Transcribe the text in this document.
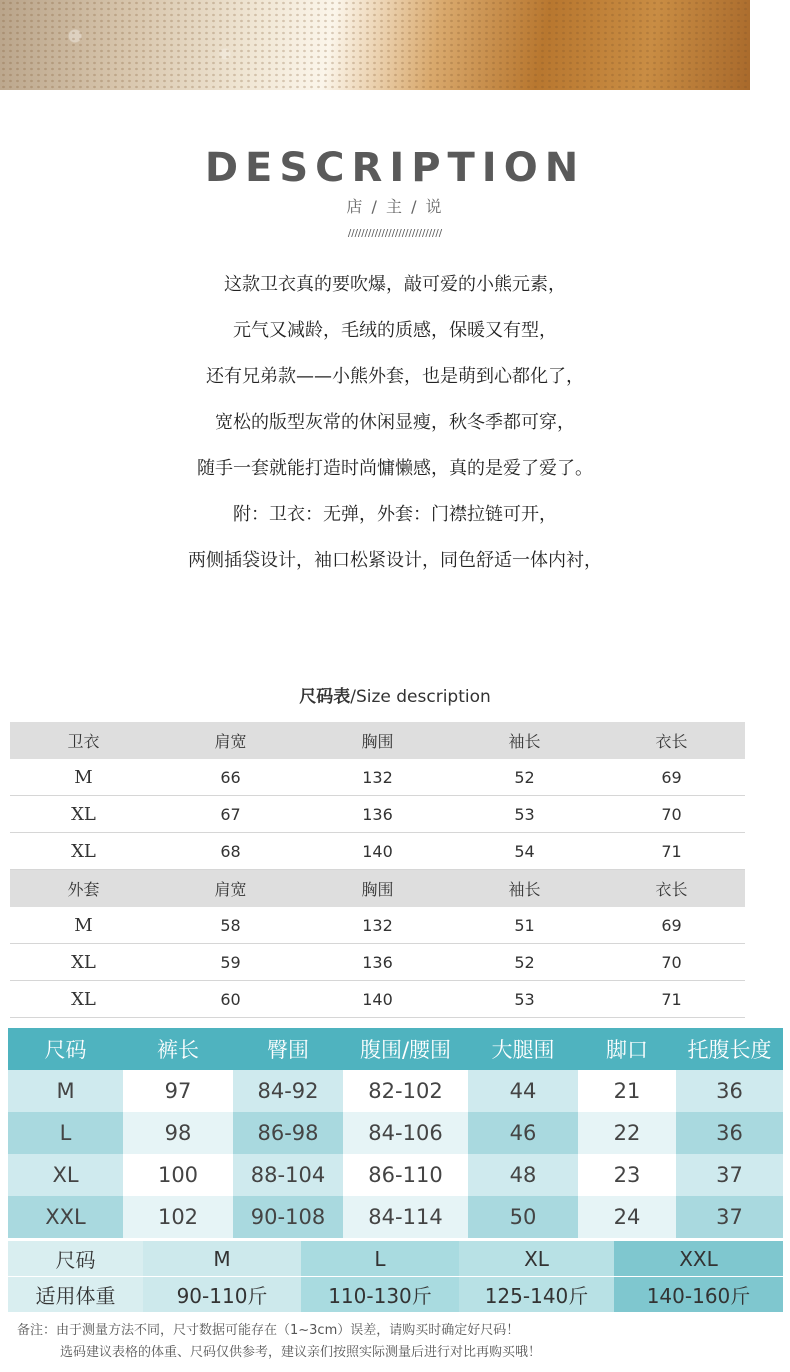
DESCRIPTION
店 / 主 / 说
////////////////////////////
这款卫衣真的要吹爆，敲可爱的小熊元素，
元气又减龄，毛绒的质感，保暖又有型，
还有兄弟款——小熊外套，也是萌到心都化了，
宽松的版型灰常的休闲显瘦，秋冬季都可穿，
随手一套就能打造时尚慵懒感，真的是爱了爱了。
附：卫衣：无弹，外套：门襟拉链可开，
两侧插袋设计，袖口松紧设计，同色舒适一体内衬，
尺码表/Size description
卫衣	肩宽	胸围	袖长	衣长
M	66	132	52	69
XL	67	136	53	70
XL	68	140	54	71
外套	肩宽	胸围	袖长	衣长
M	58	132	51	69
XL	59	136	52	70
XL	60	140	53	71
尺码	裤长	臀围	腹围/腰围	大腿围	脚口	托腹长度
M	97	84-92	82-102	44	21	36
L	98	86-98	84-106	46	22	36
XL	100	88-104	86-110	48	23	37
XXL	102	90-108	84-114	50	24	37
尺码	M	L	XL	XXL
适用体重	90-110斤	110-130斤	125-140斤	140-160斤
备注：由于测量方法不同，尺寸数据可能存在（1~3cm）误差，请购买时确定好尺码！
选码建议表格的体重、尺码仅供参考，建议亲们按照实际测量后进行对比再购买哦！
